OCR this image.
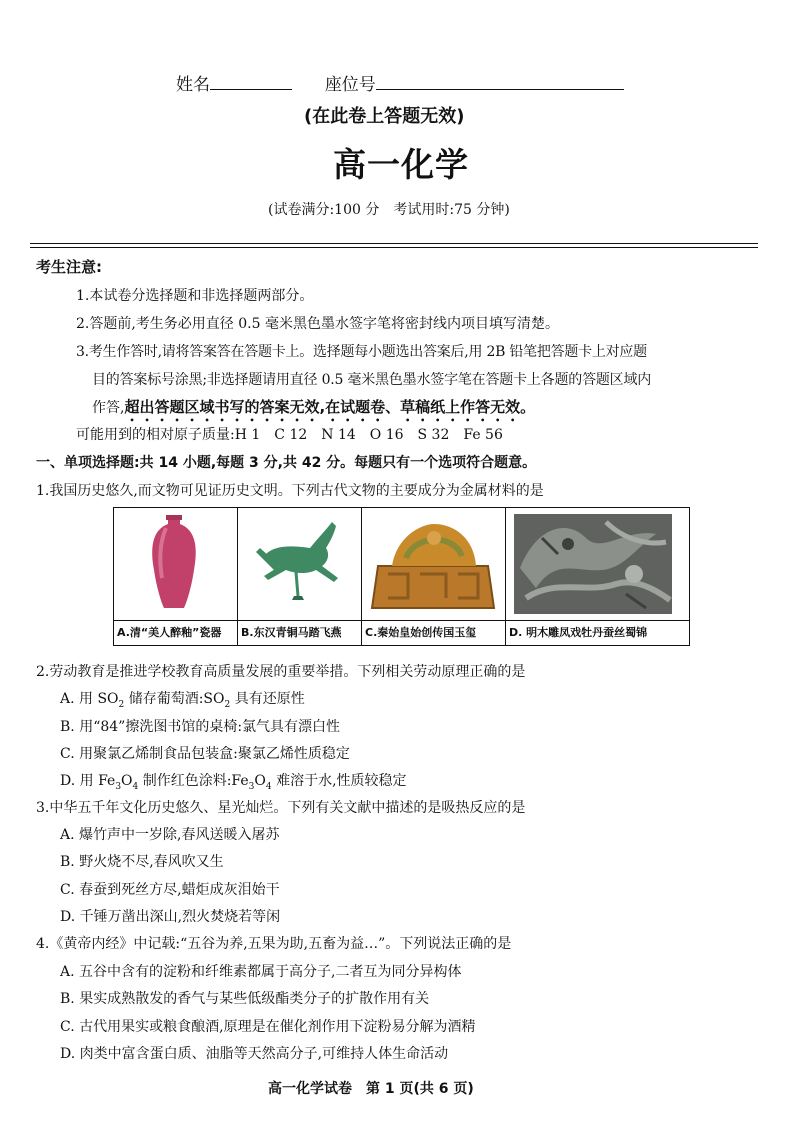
姓名	座位号
(在此卷上答题无效)
高一化学
(试卷满分:100 分　考试用时:75 分钟)
考生注意:
1.本试卷分选择题和非选择题两部分。
2.答题前,考生务必用直径 0.5 毫米黑色墨水签字笔将密封线内项目填写清楚。
3.考生作答时,请将答案答在答题卡上。选择题每小题选出答案后,用 2B 铅笔把答题卡上对应题
目的答案标号涂黑;非选择题请用直径 0.5 毫米黑色墨水签字笔在答题卡上各题的答题区域内
作答,超出答题区域书写的答案无效,在试题卷、草稿纸上作答无效。
可能用到的相对原子质量:H 1　C 12　N 14　O 16　S 32　Fe 56
一、单项选择题:共 14 小题,每题 3 分,共 42 分。每题只有一个选项符合题意。
1.我国历史悠久,而文物可见证历史文明。下列古代文物的主要成分为金属材料的是
A.清“美人醉釉”瓷器	B.东汉青铜马踏飞燕	C.秦始皇始创传国玉玺	D. 明木雕凤戏牡丹蚕丝蜀锦
2.劳动教育是推进学校教育高质量发展的重要举措。下列相关劳动原理正确的是
A. 用 $SO_2$ 储存葡萄酒$:SO_2$ 具有还原性
B. 用“84”擦洗图书馆的桌椅:氯气具有漂白性
C. 用聚氯乙烯制食品包装盒:聚氯乙烯性质稳定
D. 用 $Fe_3O_4$ 制作红色涂料$:Fe_3O_4$ 难溶于水,性质较稳定
3.中华五千年文化历史悠久、星光灿烂。下列有关文献中描述的是吸热反应的是
A. 爆竹声中一岁除,春风送暖入屠苏
B. 野火烧不尽,春风吹又生
C. 春蚕到死丝方尽,蜡炬成灰泪始干
D. 千锤万凿出深山,烈火焚烧若等闲
4.《黄帝内经》中记载:“五谷为养,五果为助,五畜为益…”。下列说法正确的是
A. 五谷中含有的淀粉和纤维素都属于高分子,二者互为同分异构体
B. 果实成熟散发的香气与某些低级酯类分子的扩散作用有关
C. 古代用果实或粮食酿酒,原理是在催化剂作用下淀粉易分解为酒精
D. 肉类中富含蛋白质、油脂等天然高分子,可维持人体生命活动
高一化学试卷　第 1 页(共 6 页)
